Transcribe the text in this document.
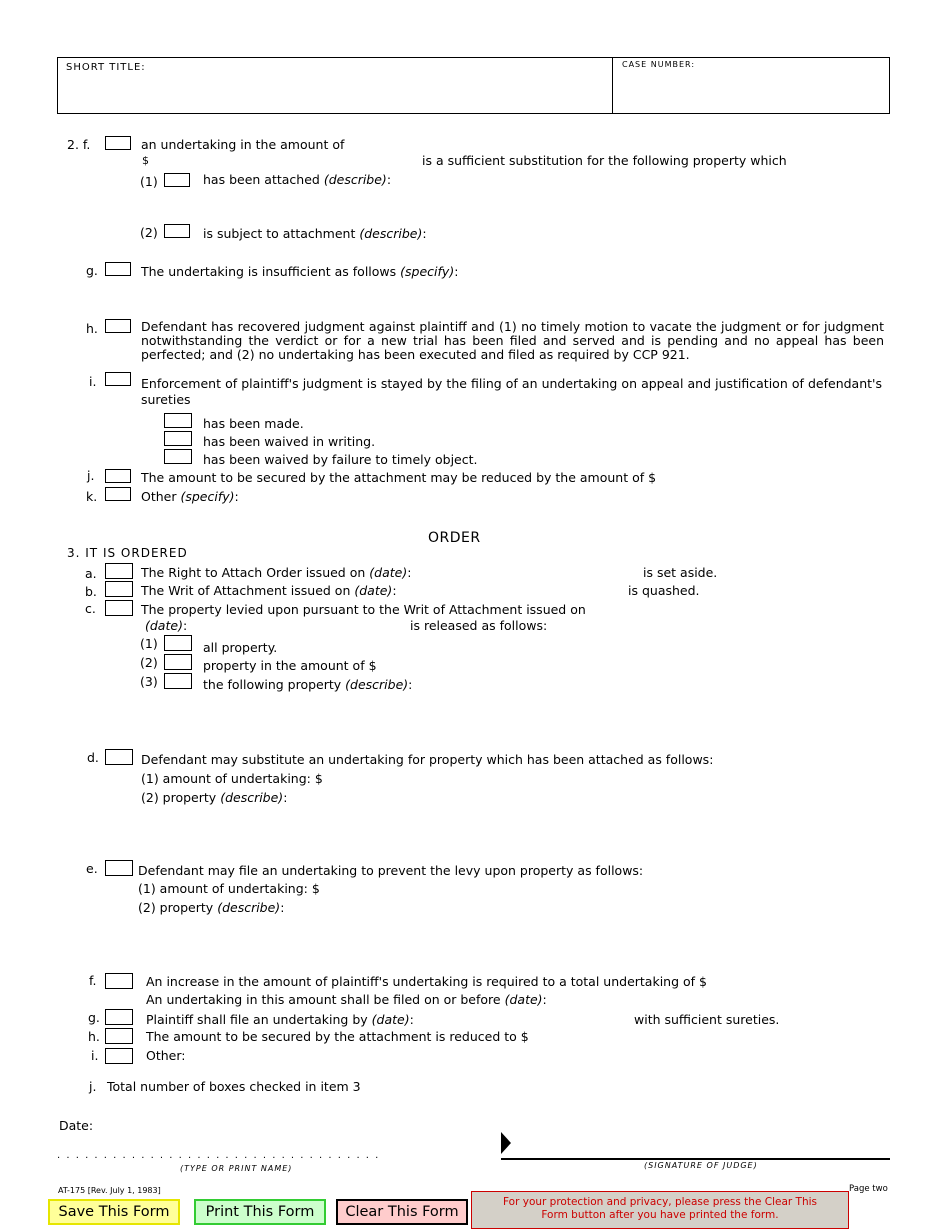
SHORT TITLE:	CASE NUMBER:
2. f.	an undertaking in the amount of
$	is a sufficient substitution for the following property which
(1)	has been attached (describe):
(2)	is subject to attachment (describe):
g.	The undertaking is insufficient as follows (specify):
h.	Defendant has recovered judgment against plaintiff and (1) no timely motion to vacate the judgment or for judgment notwithstanding the verdict or for a new trial has been filed and served and is pending and no appeal has been perfected; and (2) no undertaking has been executed and filed as required by CCP 921.
i.	Enforcement of plaintiff's judgment is stayed by the filing of an undertaking on appeal and justification of defendant's sureties
has been made.
has been waived in writing.
has been waived by failure to timely object.
j.	The amount to be secured by the attachment may be reduced by the amount of $
k.	Other (specify):
ORDER
3. IT IS ORDERED
a.	The Right to Attach Order issued on (date):	is set aside.
b.	The Writ of Attachment issued on (date):	is quashed.
c.	The property levied upon pursuant to the Writ of Attachment issued on
(date):	is released as follows:
(1)	all property.
(2)	property in the amount of $
(3)	the following property (describe):
d.	Defendant may substitute an undertaking for property which has been attached as follows:
(1) amount of undertaking: $
(2) property (describe):
e.	Defendant may file an undertaking to prevent the levy upon property as follows:
(1) amount of undertaking: $
(2) property (describe):
f.	An increase in the amount of plaintiff's undertaking is required to a total undertaking of $
An undertaking in this amount shall be filed on or before (date):
g.	Plaintiff shall file an undertaking by (date):	with sufficient sureties.
h.	The amount to be secured by the attachment is reduced to $
i.	Other:
j. Total number of boxes checked in item 3
Date:
. . . . . . . . . . . . . . . . . . . . . . . . . . . . . . . . . . .
(TYPE OR PRINT NAME)	(SIGNATURE OF JUDGE)
AT-175 [Rev. July 1, 1983]	Page two
Save This Form	Print This Form	Clear This Form
For your protection and privacy, please press the Clear This Form button after you have printed the form.
